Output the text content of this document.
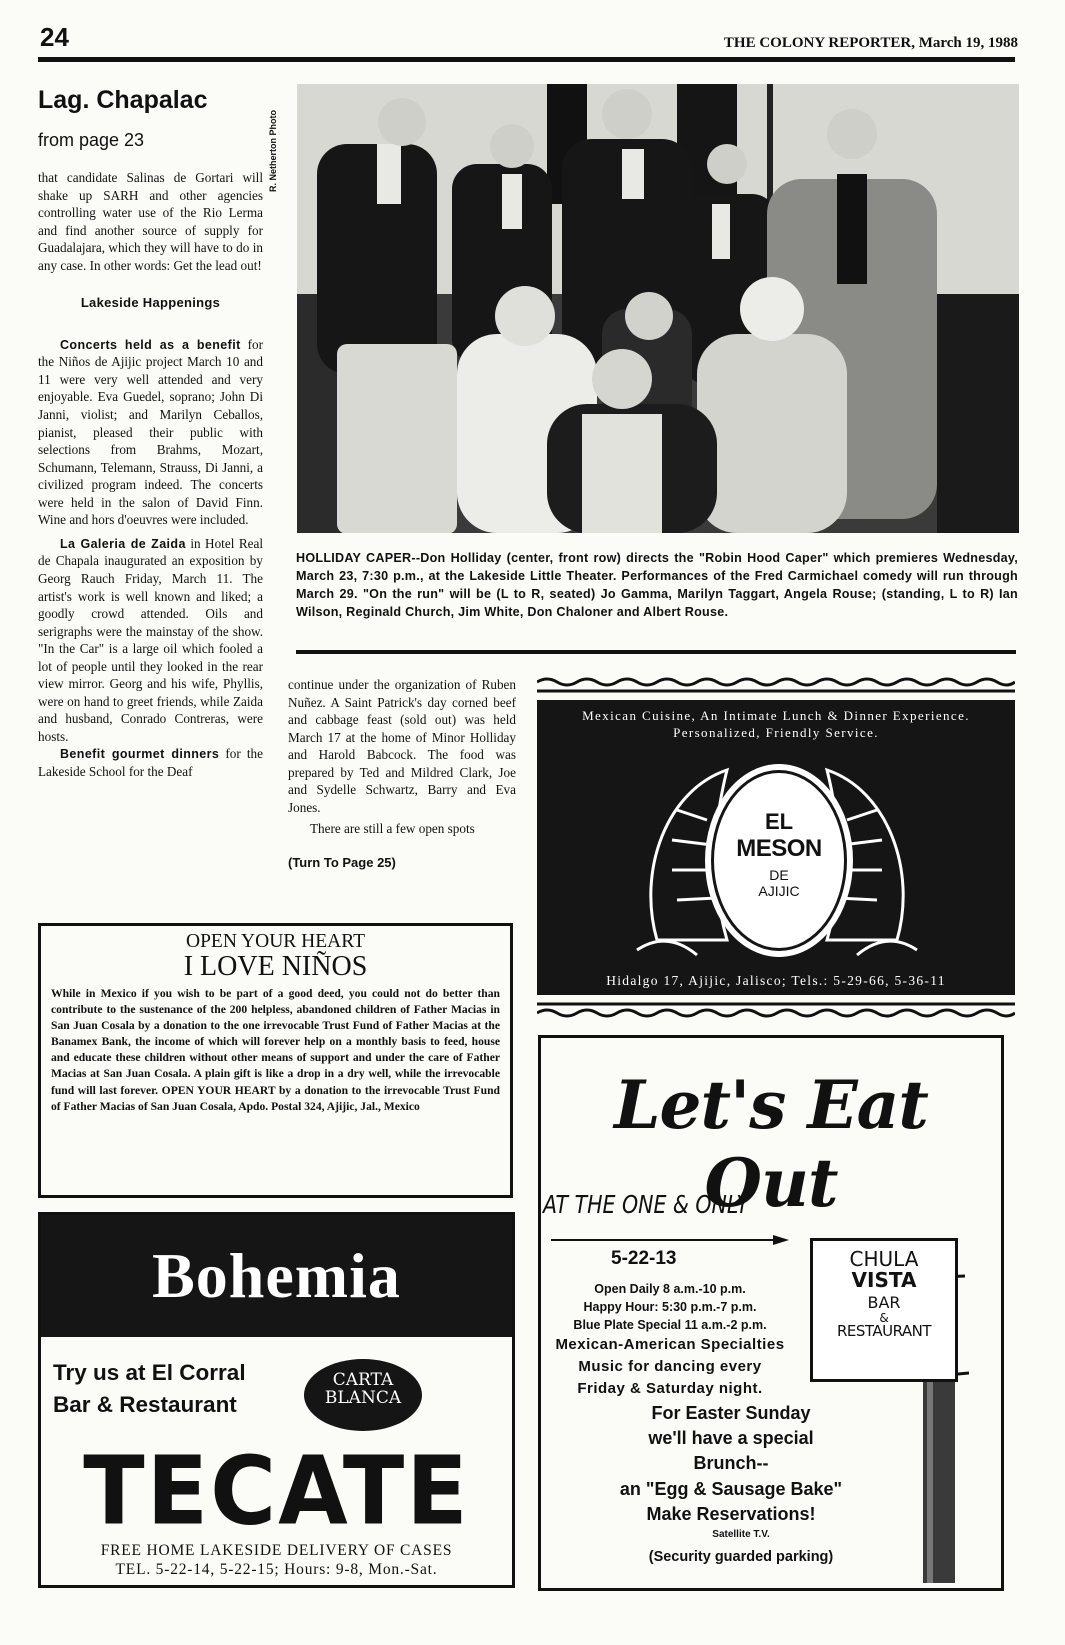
24	THE COLONY REPORTER, March 19, 1988
Lag. Chapalac
from page 23

that candidate Salinas de Gortari will shake up SARH and other agencies controlling water use of the Rio Lerma and find another source of supply for Guadalajara, which they will have to do in any case. In other words: Get the lead out!

Lakeside Happenings

Concerts held as a benefit for the Niños de Ajijic project March 10 and 11 were very well attended and very enjoyable. Eva Guedel, soprano; John Di Janni, violist; and Marilyn Ceballos, pianist, pleased their public with selections from Brahms, Mozart, Schumann, Telemann, Strauss, Di Janni, a civilized program indeed. The concerts were held in the salon of David Finn. Wine and hors d'oeuvres were included.

La Galeria de Zaida in Hotel Real de Chapala inaugurated an exposition by Georg Rauch Friday, March 11. The artist's work is well known and liked; a goodly crowd attended. Oils and serigraphs were the mainstay of the show. "In the Car" is a large oil which fooled a lot of people until they looked in the rear view mirror. Georg and his wife, Phyllis, were on hand to greet friends, while Zaida and husband, Conrado Contreras, were hosts.

Benefit gourmet dinners for the Lakeside School for the Deaf

R. Netherton Photo
HOLLIDAY CAPER--Don Holliday (center, front row) directs the "Robin Hood Caper" which premieres Wednesday, March 23, 7:30 p.m., at the Lakeside Little Theater. Performances of the Fred Carmichael comedy will run through March 29. "On the run" will be (L to R, seated) Jo Gamma, Marilyn Taggart, Angela Rouse; (standing, L to R) Ian Wilson, Reginald Church, Jim White, Don Chaloner and Albert Rouse.

continue under the organization of Ruben Nuñez. A Saint Patrick's day corned beef and cabbage feast (sold out) was held March 17 at the home of Minor Holliday and Harold Babcock. The food was prepared by Ted and Mildred Clark, Joe and Sydelle Schwartz, Barry and Eva Jones.

There are still a few open spots

(Turn To Page 25)

Mexican Cuisine, An Intimate Lunch & Dinner Experience.
Personalized, Friendly Service.
EL
MESON
DE
AJIJIC
Hidalgo 17, Ajijic, Jalisco; Tels.: 5-29-66, 5-36-11
OPEN YOUR HEART
I LOVE NIÑOS

While in Mexico if you wish to be part of a good deed, you could not do better than contribute to the sustenance of the 200 helpless, abandoned children of Father Macias in San Juan Cosala by a donation to the one irrevocable Trust Fund of Father Macias at the Banamex Bank, the income of which will forever help on a monthly basis to feed, house and educate these children without other means of support and under the care of Father Macias at San Juan Cosala. A plain gift is like a drop in a dry well, while the irrevocable fund will last forever. OPEN YOUR HEART by a donation to the irrevocable Trust Fund of Father Macias of San Juan Cosala, Apdo. Postal 324, Ajijic, Jal., Mexico

Bohemia
Try us at El Corral
Bar & Restaurant
CARTA
BLANCA
TECATE
FREE HOME LAKESIDE DELIVERY OF CASES
TEL. 5-22-14, 5-22-15; Hours: 9-8, Mon.-Sat.
Let's Eat Out
AT THE ONE & ONLY
5-22-13
Open Daily 8 a.m.-10 p.m.
Happy Hour: 5:30 p.m.-7 p.m.
Blue Plate Special 11 a.m.-2 p.m.
Mexican-American Specialties
Music for dancing every
Friday & Saturday night.
CHULA
VISTA
BAR
&
RESTAURANT
For Easter Sunday
we'll have a special
Brunch--
an "Egg & Sausage Bake"
Make Reservations!
Satellite T.V.
(Security guarded parking)
